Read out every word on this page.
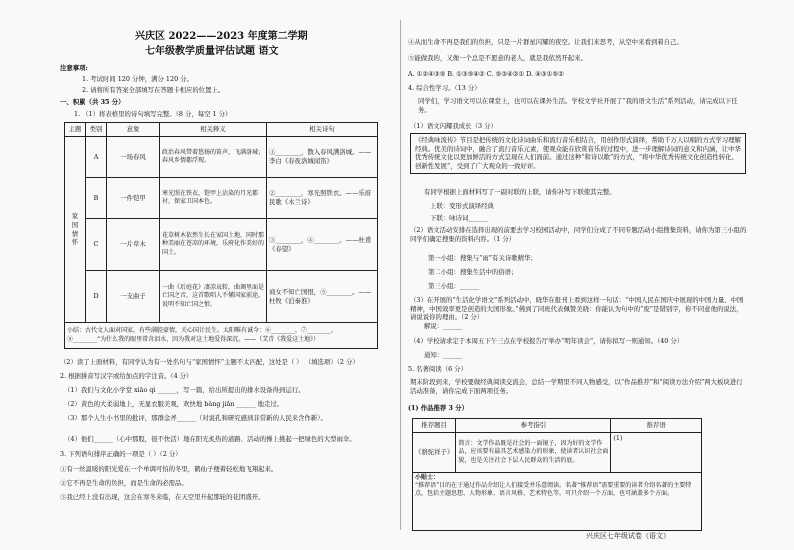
兴庆区 2022——2023 年度第二学期
七年级教学质量评估试题 语文
注意事项:
1. 考试时间 120 分钟，满分 120 分。
2. 请将所有答案全部填写在答题卡相应的位置上。
一、积累（共 35 分）
1. （1）将表格里的诗句填写完整。（8 分，每空 1 分）
主题	类别	意象	相关释义	相关诗句
家国情怀	A	一场春风	政治春风带着悠扬的笛声，飞满洛城；春风乡情都浮现。	①________，散入春风满洛城。——李白《春夜洛城闻笛》
	B	一件铠甲	寒光照在铁衣，铠甲上沾染的月光都衬，保家卫国本色。	②________，寒光照铁衣。——乐府民歌《木兰诗》
	C	一片草木	花草树木依然生长在家国土地，同时那种美丽在苍凉的环境，乐府化作美好的国土。	③________，④________。——杜甫《春望》
	D	一支曲子	一曲《后庭花》凄凉哀转，曲调里面是亡国之音，这首歌唱人不懂国家前途，说明不知亡国之恨。	商女不知亡国恨，⑤________。——杜牧《泊秦淮》
小结：古代文人面对国家，有些满腔豪情，关心国计民生。太阳唯有诚今：⑥________，⑦________，⑧________“为什么我的眼里常含泪水，因为我对这土地爱得深沉。——（艾青《我爱这土地》）				
（2）读了上面材料，有同学认为有一处名句与“家国情怀”主题不太匹配，这处是（ ） （填选项）（2 分）
2. 根据拼音写汉字或给加点的字注音。（4 分）
（1）我们与文化小学堂 xiāo qì ______，写一篇，给出所提出的排水设备得到运行。
（2）黄色的大柔弱地上，无显衣服美观，欢快地 bàng jiǎn ______ 地走过。
（3）那个人生小书里的批评，那群金斧______（对说孔和研究感到非常新的人民来含作新）。
（4）他们______（心中那股，很不快活）地在阳光炙热的道路、活动的操上挑起一把绿色的大型雨伞。
3. 下列语句排序正确的一项是（ ）（2 分）
①有一丝温暖的阳光爱在一个单调可怕的冬里，鹤仙子便着轻松地飞翔起来。
②它不再是生命的负担，而是生命的必需品。
③我已经上没有出现，这会在寒冬来临，在天空里升起那轮的花团盛开。
④从而生命不再是我们的负担，只是一片群星闪耀的夜空。让我们来思考，从空中来看到着自己。
⑤能做我的，又像一个总是不愿意的老人，就是我依然开起来。
A. ①②④③⑤ B. ①③⑤④② C. ⑤③④②① D. ④③①⑤②
4. 综合性学习。（13 分）
同学们，学习语文可以在课堂上，也可以在课外生活。学校文学社开展了“我的语文生活”系列活动，请完成以下任务。
（1）语文闪耀我成长（3 分）
《经典咏流传》节目是把传统的文化诗词曲乐和流行音乐相结合，用创作形式演绎，帮助千万人以唱的方式学习理解经典。优美的诗词中，融合了流行音乐元素，使观众能在欣赏音乐的过程中，进一步理解诗词的意义和内涵，让中华优秀传统文化以更加鲜活的方式呈现在人们面前。通过这种“和诗以歌”的方式，“将中华优秀传统文化创造性转化、创新性发展”，受到了广大观众的一致好评。
有同学根据上面材料写了一副对联的上联，请你补写下联使其完整。
上联：变形式演绎经典
下联：咏诗词______
（2）语文活动安排在选择出现的前要去学习校园活动中，同学们分成了不同专题活动小组搜集资料，请你为第三小组的同学们确定搜集的资料内容。（1 分）
第一小组：搜集与“雨”有关诗歌精华；
第二小组：搜集生活中的俗语；
第三小组：______
（3）在开展的“生活化学语文”系列活动中，晓华在报刊上看到这样一句话：“中国人民在国庆中展现的中国力量、中国精神，中国效率更是创造的大国形象。”佛到了同班代表佩赞美晓：你能认为句中的“废”是错别字，你不同意他的说法，请说说你的理由。（2 分）
解说：______
（4）学校请求定于本周五下午三点在学校报告厅举办“明年读会”，请你拟写一则通知。（40 分）
通知：______
5. 名著阅读（6 分）
期末阶段到来，学校要做经典阅读交流会，总结一学期里不同人物感受，以“作品推荐”和“阅读方法介绍”两大板块进行活动准备，请你完成下面两项任务。
(1) 作品推荐 3 分）
推荐题目	参考指引	推荐语
《骆驼祥子》	简言：文学作品既是社会的一面镜子，因为好的文学作品，应该要有最具艺术感染力的形象，使读者认识社会面貌，也是关注社会下层人民群众的生活的底。	(1)

小贴士：
“推荐语”目的在于通过作品介绍让人们接受并乐意阅读。名著“推荐语”需要重要的读者介绍名著的主要特点，包括主题思想、人物形象、语言风格、艺术特色等。可只介绍一个方面，也可涵盖多个方面。		
兴庆区七年级试卷（语文）
